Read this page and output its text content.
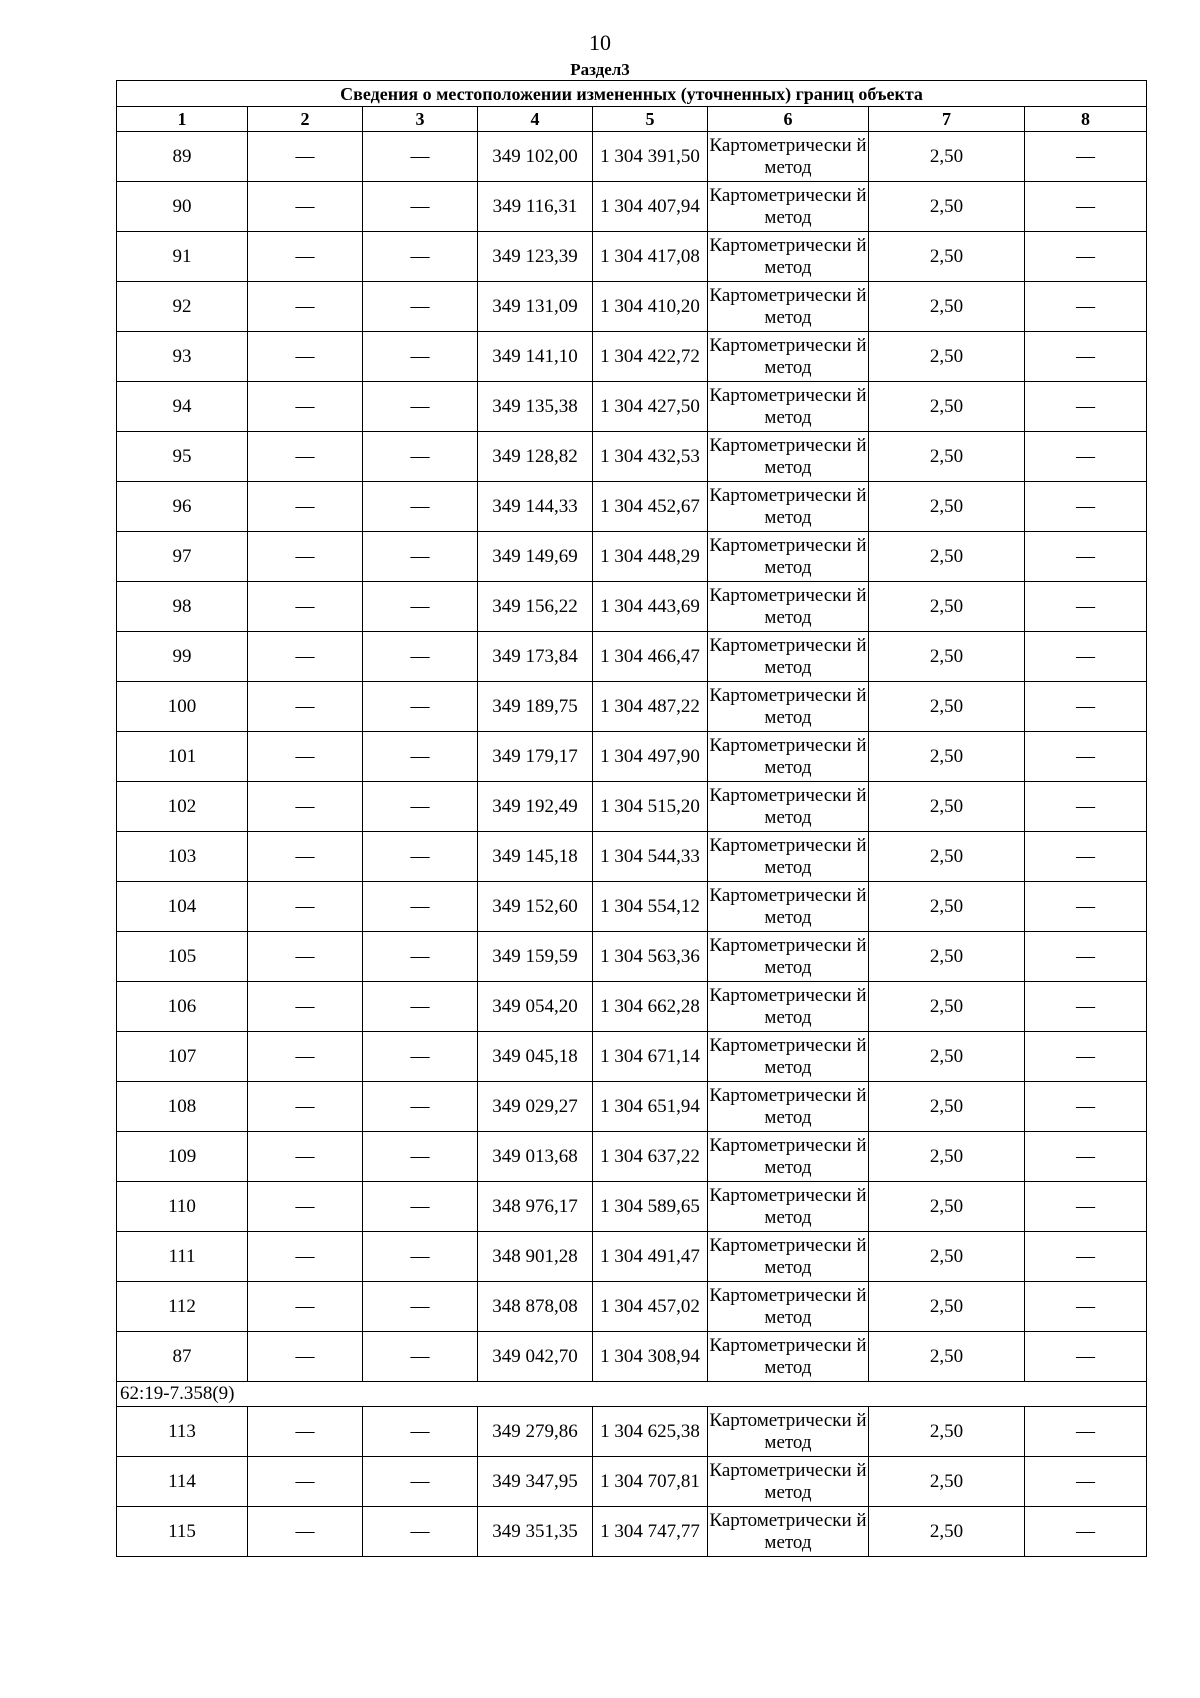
10
Раздел3
Сведения о местоположении измененных (уточненных) границ объекта							
1	2	3	4	5	6	7	8
89	—	—	349 102,00	1 304 391,50	Картометрически й метод	2,50	—
90	—	—	349 116,31	1 304 407,94	Картометрически й метод	2,50	—
91	—	—	349 123,39	1 304 417,08	Картометрически й метод	2,50	—
92	—	—	349 131,09	1 304 410,20	Картометрически й метод	2,50	—
93	—	—	349 141,10	1 304 422,72	Картометрически й метод	2,50	—
94	—	—	349 135,38	1 304 427,50	Картометрически й метод	2,50	—
95	—	—	349 128,82	1 304 432,53	Картометрически й метод	2,50	—
96	—	—	349 144,33	1 304 452,67	Картометрически й метод	2,50	—
97	—	—	349 149,69	1 304 448,29	Картометрически й метод	2,50	—
98	—	—	349 156,22	1 304 443,69	Картометрически й метод	2,50	—
99	—	—	349 173,84	1 304 466,47	Картометрически й метод	2,50	—
100	—	—	349 189,75	1 304 487,22	Картометрически й метод	2,50	—
101	—	—	349 179,17	1 304 497,90	Картометрически й метод	2,50	—
102	—	—	349 192,49	1 304 515,20	Картометрически й метод	2,50	—
103	—	—	349 145,18	1 304 544,33	Картометрически й метод	2,50	—
104	—	—	349 152,60	1 304 554,12	Картометрически й метод	2,50	—
105	—	—	349 159,59	1 304 563,36	Картометрически й метод	2,50	—
106	—	—	349 054,20	1 304 662,28	Картометрически й метод	2,50	—
107	—	—	349 045,18	1 304 671,14	Картометрически й метод	2,50	—
108	—	—	349 029,27	1 304 651,94	Картометрически й метод	2,50	—
109	—	—	349 013,68	1 304 637,22	Картометрически й метод	2,50	—
110	—	—	348 976,17	1 304 589,65	Картометрически й метод	2,50	—
111	—	—	348 901,28	1 304 491,47	Картометрически й метод	2,50	—
112	—	—	348 878,08	1 304 457,02	Картометрически й метод	2,50	—
87	—	—	349 042,70	1 304 308,94	Картометрически й метод	2,50	—
62:19-7.358(9)							
113	—	—	349 279,86	1 304 625,38	Картометрически й метод	2,50	—
114	—	—	349 347,95	1 304 707,81	Картометрически й метод	2,50	—
115	—	—	349 351,35	1 304 747,77	Картометрически й метод	2,50	—
